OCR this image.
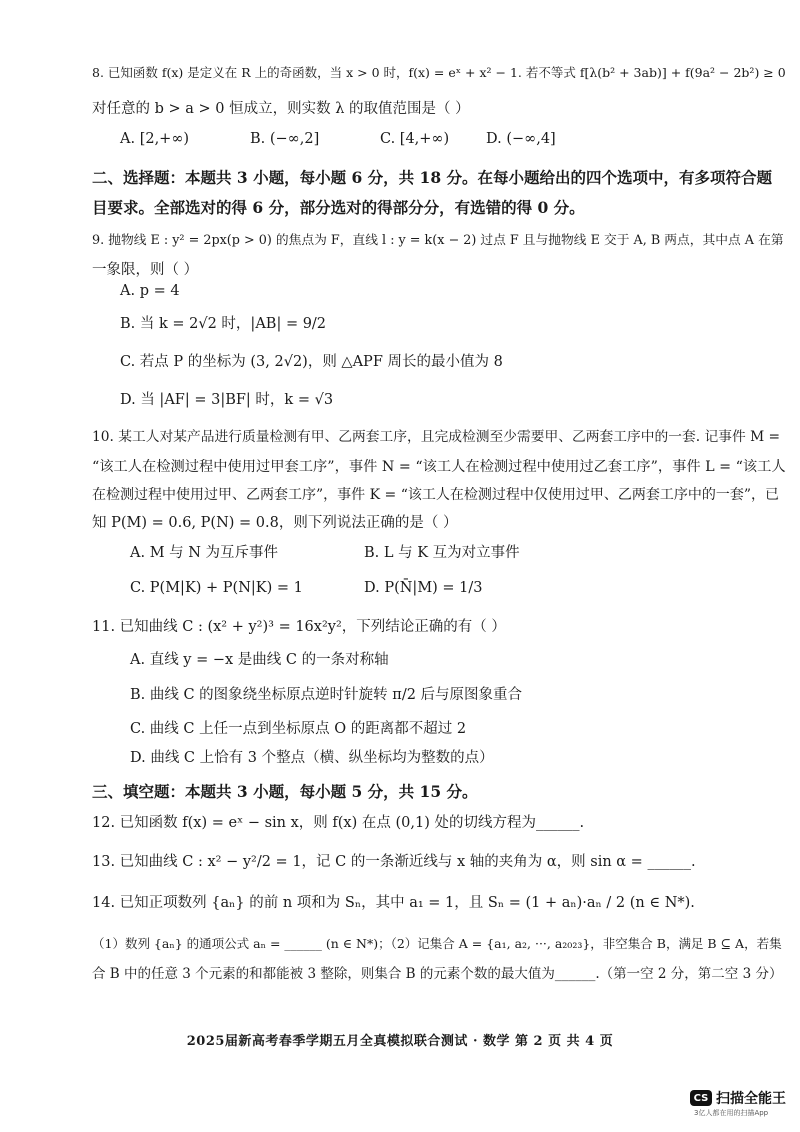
8. 已知函数 f(x) 是定义在 R 上的奇函数，当 x > 0 时，f(x) = eˣ + x² − 1. 若不等式 f[λ(b² + 3ab)] + f(9a² − 2b²) ≥ 0
对任意的 b > a > 0 恒成立，则实数 λ 的取值范围是（ ）
A. [2,+∞)	B. (−∞,2]	C. [4,+∞)	D. (−∞,4]
二、选择题：本题共 3 小题，每小题 6 分，共 18 分。在每小题给出的四个选项中，有多项符合题
目要求。全部选对的得 6 分，部分选对的得部分分，有选错的得 0 分。
9. 抛物线 E : y² = 2px(p > 0) 的焦点为 F，直线 l : y = k(x − 2) 过点 F 且与抛物线 E 交于 A, B 两点，其中点 A 在第
一象限，则（ ）
A. p = 4
B. 当 k = 2√2 时，|AB| = 9/2
C. 若点 P 的坐标为 (3, 2√2)，则 △APF 周长的最小值为 8
D. 当 |AF| = 3|BF| 时，k = √3
10. 某工人对某产品进行质量检测有甲、乙两套工序，且完成检测至少需要甲、乙两套工序中的一套. 记事件 M =
“该工人在检测过程中使用过甲套工序”，事件 N = “该工人在检测过程中使用过乙套工序”，事件 L = “该工人
在检测过程中使用过甲、乙两套工序”，事件 K = “该工人在检测过程中仅使用过甲、乙两套工序中的一套”，已
知 P(M) = 0.6, P(N) = 0.8，则下列说法正确的是（ ）
A. M 与 N 为互斥事件	B. L 与 K 互为对立事件
C. P(M|K) + P(N|K) = 1	D. P(N̄|M) = 1/3
11. 已知曲线 C : (x² + y²)³ = 16x²y²，下列结论正确的有（ ）
A. 直线 y = −x 是曲线 C 的一条对称轴
B. 曲线 C 的图象绕坐标原点逆时针旋转 π/2 后与原图象重合
C. 曲线 C 上任一点到坐标原点 O 的距离都不超过 2
D. 曲线 C 上恰有 3 个整点（横、纵坐标均为整数的点）
三、填空题：本题共 3 小题，每小题 5 分，共 15 分。
12. 已知函数 f(x) = eˣ − sin x，则 f(x) 在点 (0,1) 处的切线方程为______.
13. 已知曲线 C : x² − y²/2 = 1，记 C 的一条渐近线与 x 轴的夹角为 α，则 sin α = ______.
14. 已知正项数列 {aₙ} 的前 n 项和为 Sₙ，其中 a₁ = 1，且 Sₙ = (1 + aₙ)·aₙ / 2 (n ∈ N*).
（1）数列 {aₙ} 的通项公式 aₙ = ______ (n ∈ N*)；（2）记集合 A = {a₁, a₂, ···, a₂₀₂₃}，非空集合 B，满足 B ⊆ A，若集
合 B 中的任意 3 个元素的和都能被 3 整除，则集合 B 的元素个数的最大值为______.（第一空 2 分，第二空 3 分）
2025届新高考春季学期五月全真模拟联合测试 · 数学 第 2 页 共 4 页
CS 扫描全能王
3亿人都在用的扫描App
